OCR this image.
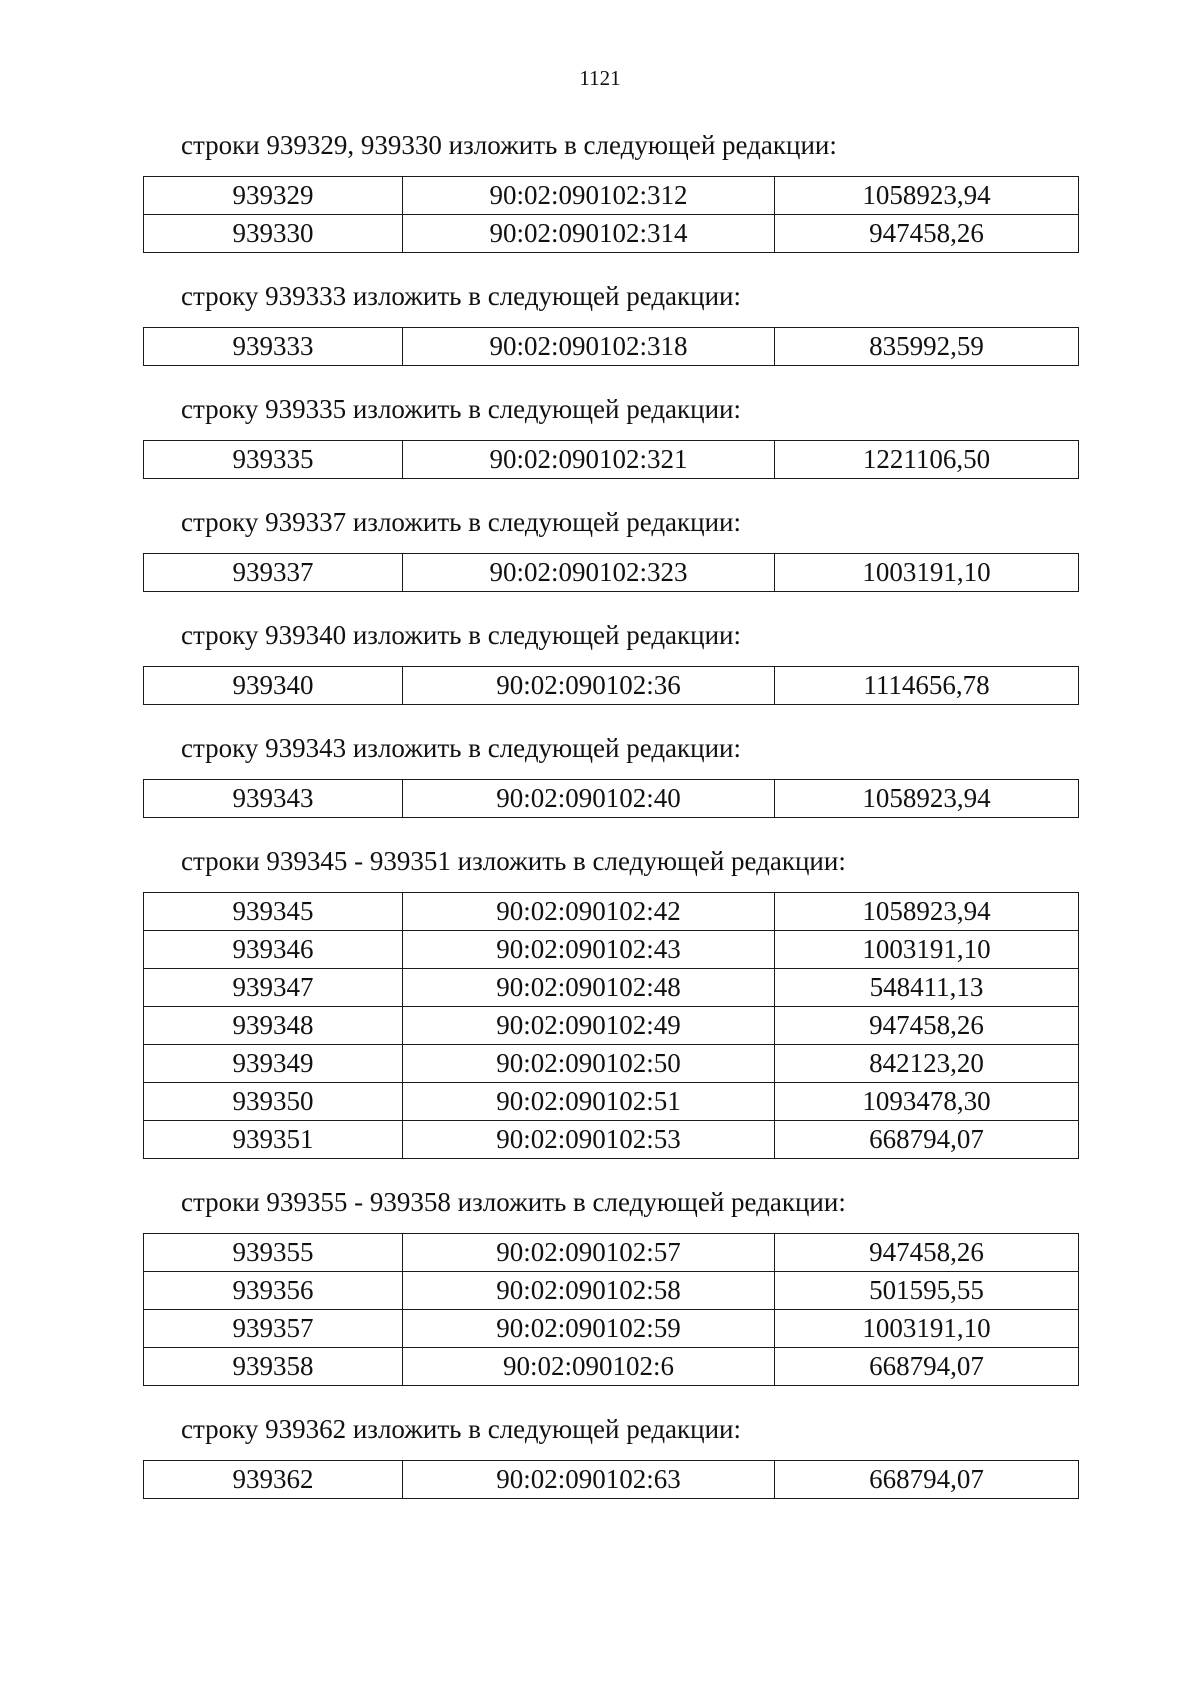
1121

строки 939329, 939330 изложить в следующей редакции:

939329	90:02:090102:312	1058923,94
939330	90:02:090102:314	947458,26

строку 939333 изложить в следующей редакции:

939333	90:02:090102:318	835992,59

строку 939335 изложить в следующей редакции:

939335	90:02:090102:321	1221106,50

строку 939337 изложить в следующей редакции:

939337	90:02:090102:323	1003191,10

строку 939340 изложить в следующей редакции:

939340	90:02:090102:36	1114656,78

строку 939343 изложить в следующей редакции:

939343	90:02:090102:40	1058923,94

строки 939345 - 939351 изложить в следующей редакции:

939345	90:02:090102:42	1058923,94
939346	90:02:090102:43	1003191,10
939347	90:02:090102:48	548411,13
939348	90:02:090102:49	947458,26
939349	90:02:090102:50	842123,20
939350	90:02:090102:51	1093478,30
939351	90:02:090102:53	668794,07

строки 939355 - 939358 изложить в следующей редакции:

939355	90:02:090102:57	947458,26
939356	90:02:090102:58	501595,55
939357	90:02:090102:59	1003191,10
939358	90:02:090102:6	668794,07

строку 939362 изложить в следующей редакции:

939362	90:02:090102:63	668794,07
